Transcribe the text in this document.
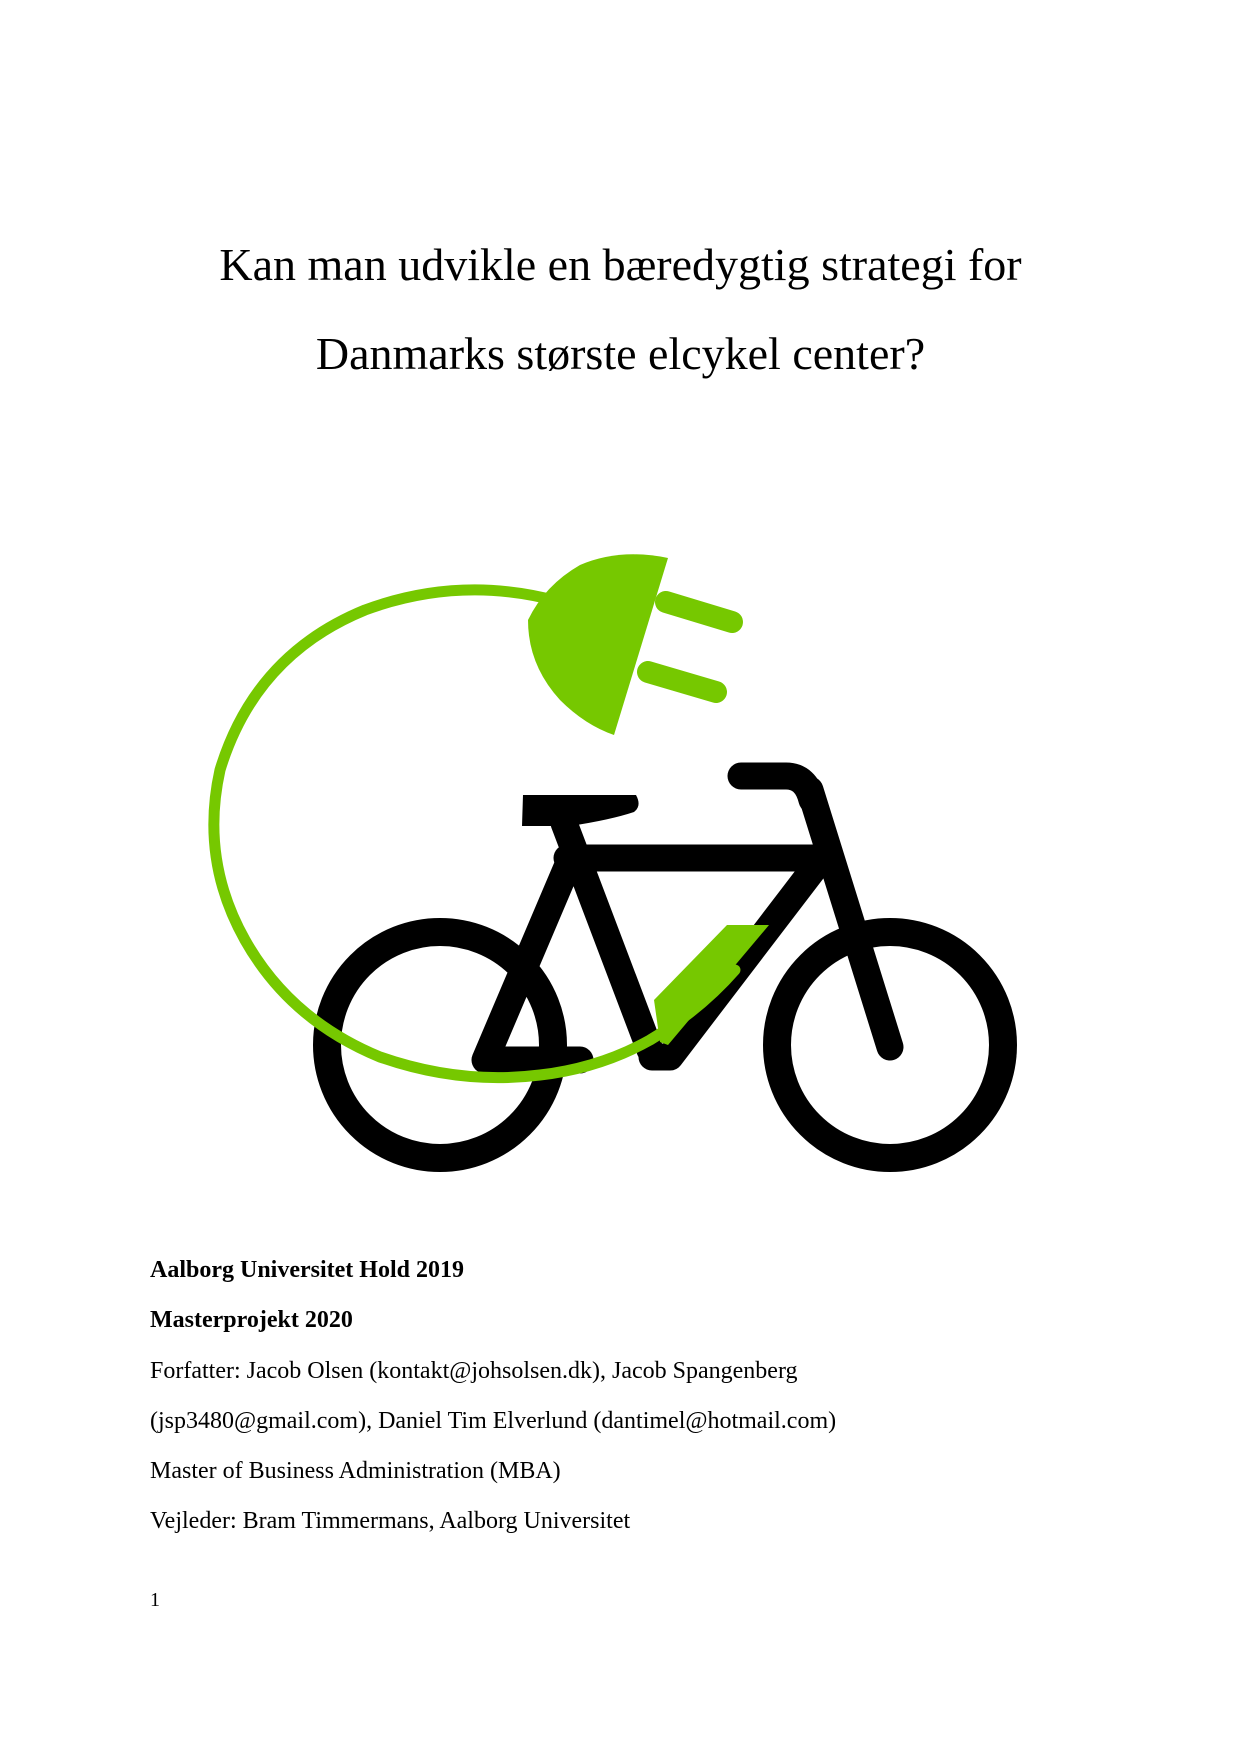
Kan man udvikle en bæredygtig strategi for
Danmarks største elcykel center?
Aalborg Universitet Hold 2019
Masterprojekt 2020
Forfatter: Jacob Olsen (kontakt@johsolsen.dk), Jacob Spangenberg
(jsp3480@gmail.com), Daniel Tim Elverlund (dantimel@hotmail.com)
Master of Business Administration (MBA)
Vejleder: Bram Timmermans, Aalborg Universitet
1
